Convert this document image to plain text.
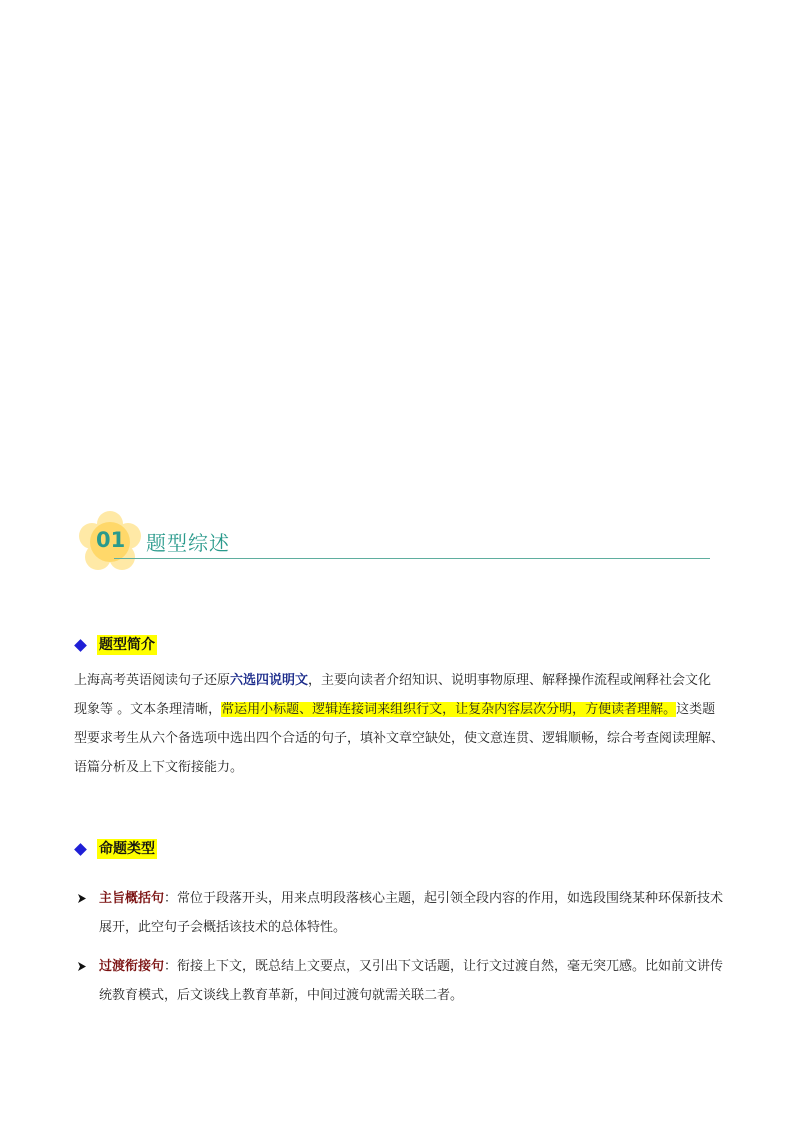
01 题型综述
题型简介
上海高考英语阅读句子还原六选四说明文，主要向读者介绍知识、说明事物原理、解释操作流程或阐释社会文化现象等 。文本条理清晰，常运用小标题、逻辑连接词来组织行文，让复杂内容层次分明，方便读者理解。这类题型要求考生从六个备选项中选出四个合适的句子，填补文章空缺处，使文意连贯、逻辑顺畅，综合考查阅读理解、语篇分析及上下文衔接能力。
命题类型
主旨概括句：常位于段落开头，用来点明段落核心主题，起引领全段内容的作用，如选段围绕某种环保新技术展开，此空句子会概括该技术的总体特性。
过渡衔接句：衔接上下文，既总结上文要点，又引出下文话题，让行文过渡自然，毫无突兀感。比如前文讲传统教育模式，后文谈线上教育革新，中间过渡句就需关联二者。
